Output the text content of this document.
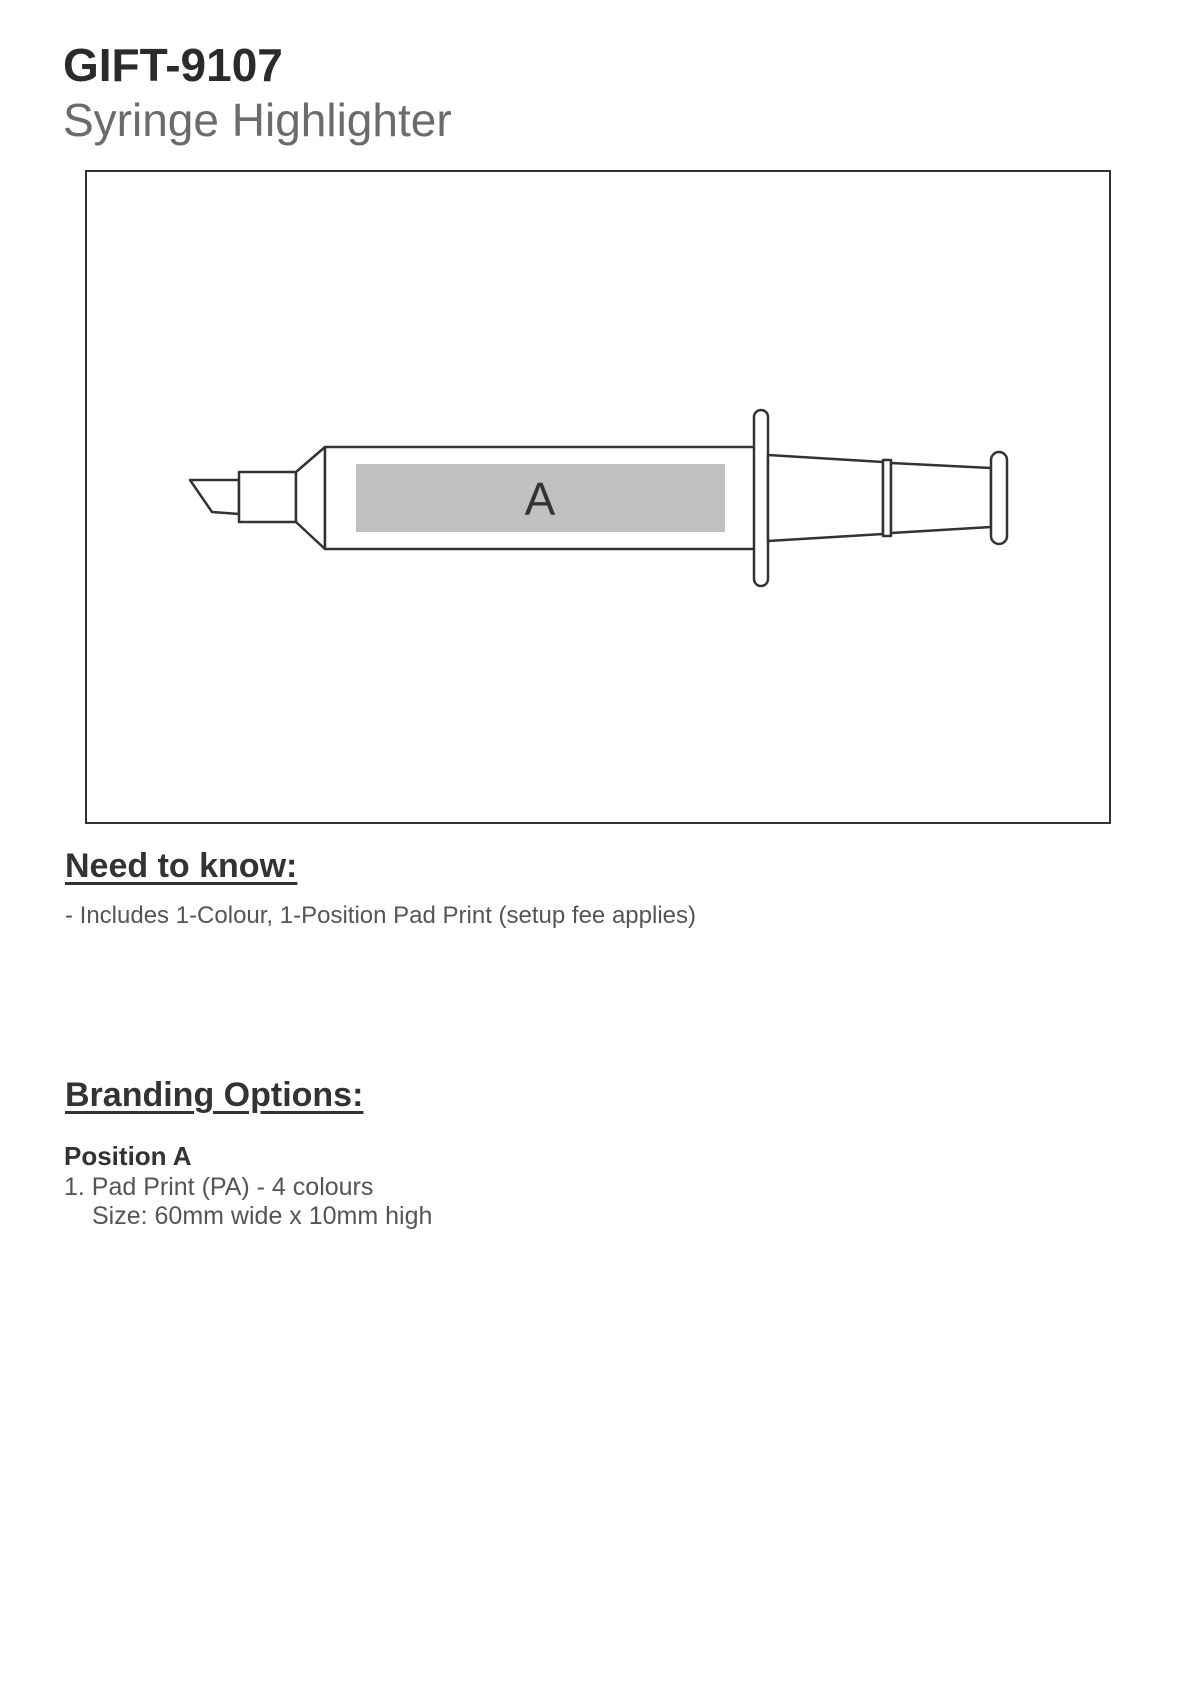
GIFT-9107
Syringe Highlighter
A
Need to know:

- Includes 1-Colour, 1-Position Pad Print (setup fee applies)

Branding Options:

Position A

1. Pad Print (PA) - 4 colours

Size: 60mm wide x 10mm high
